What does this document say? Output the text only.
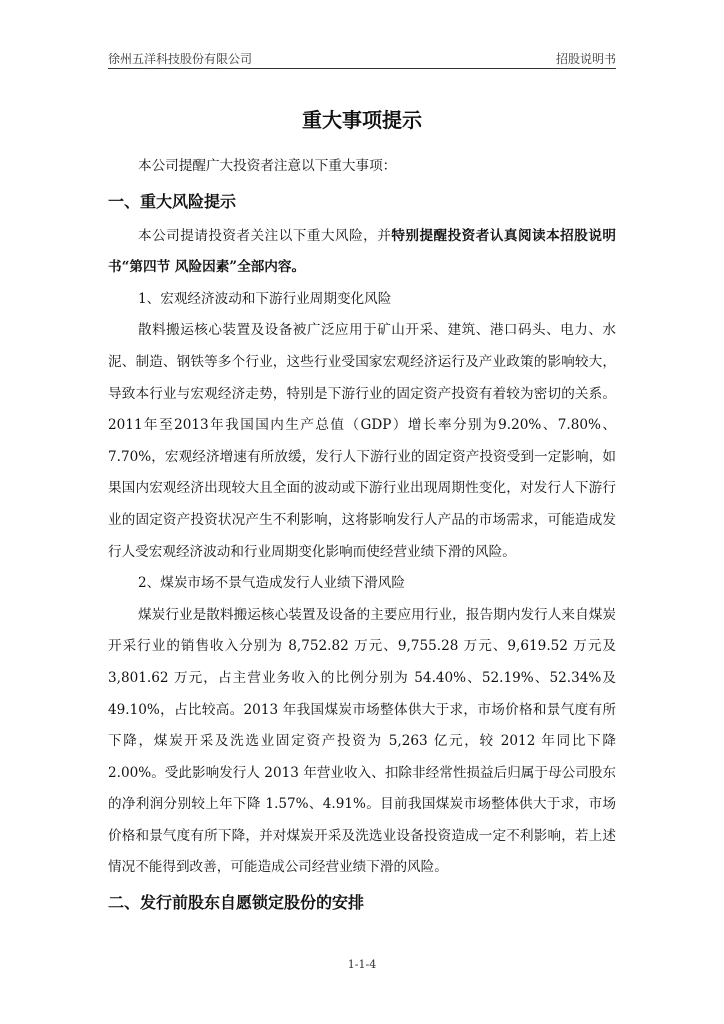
徐州五洋科技股份有限公司	招股说明书
重大事项提示

本公司提醒广大投资者注意以下重大事项：

一、重大风险提示

本公司提请投资者关注以下重大风险，并特别提醒投资者认真阅读本招股说明书“第四节 风险因素”全部内容。

1、宏观经济波动和下游行业周期变化风险

散料搬运核心装置及设备被广泛应用于矿山开采、建筑、港口码头、电力、水泥、制造、钢铁等多个行业，这些行业受国家宏观经济运行及产业政策的影响较大，导致本行业与宏观经济走势，特别是下游行业的固定资产投资有着较为密切的关系。2011年至2013年我国国内生产总值（GDP）增长率分别为9.20%、7.80%、7.70%，宏观经济增速有所放缓，发行人下游行业的固定资产投资受到一定影响，如果国内宏观经济出现较大且全面的波动或下游行业出现周期性变化，对发行人下游行业的固定资产投资状况产生不利影响，这将影响发行人产品的市场需求，可能造成发行人受宏观经济波动和行业周期变化影响而使经营业绩下滑的风险。

2、煤炭市场不景气造成发行人业绩下滑风险

煤炭行业是散料搬运核心装置及设备的主要应用行业，报告期内发行人来自煤炭开采行业的销售收入分别为 8,752.82 万元、9,755.28 万元、9,619.52 万元及 3,801.62 万元，占主营业务收入的比例分别为 54.40%、52.19%、52.34%及49.10%，占比较高。2013 年我国煤炭市场整体供大于求，市场价格和景气度有所下降，煤炭开采及洗选业固定资产投资为 5,263 亿元，较 2012 年同比下降2.00%。受此影响发行人 2013 年营业收入、扣除非经常性损益后归属于母公司股东的净利润分别较上年下降 1.57%、4.91%。目前我国煤炭市场整体供大于求，市场价格和景气度有所下降，并对煤炭开采及洗选业设备投资造成一定不利影响，若上述情况不能得到改善，可能造成公司经营业绩下滑的风险。

二、发行前股东自愿锁定股份的安排

1-1-4
